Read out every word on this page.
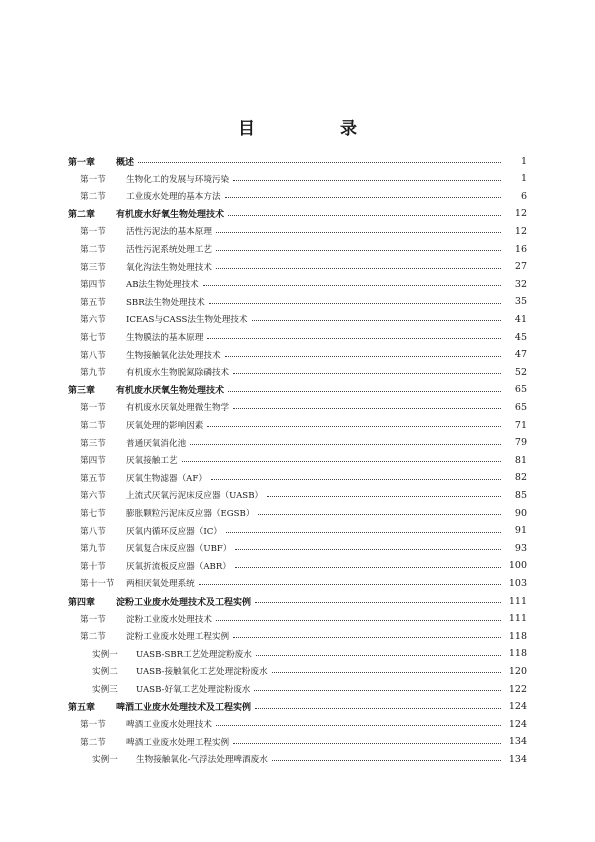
目　录
第一章	概述	1
第一节	生物化工的发展与环境污染	1
第二节	工业废水处理的基本方法	6
第二章	有机废水好氧生物处理技术	12
第一节	活性污泥法的基本原理	12
第二节	活性污泥系统处理工艺	16
第三节	氧化沟法生物处理技术	27
第四节	AB法生物处理技术	32
第五节	SBR法生物处理技术	35
第六节	ICEAS与CASS法生物处理技术	41
第七节	生物膜法的基本原理	45
第八节	生物接触氧化法处理技术	47
第九节	有机废水生物脱氮除磷技术	52
第三章	有机废水厌氧生物处理技术	65
第一节	有机废水厌氧处理微生物学	65
第二节	厌氧处理的影响因素	71
第三节	普通厌氧消化池	79
第四节	厌氧接触工艺	81
第五节	厌氧生物滤器（AF）	82
第六节	上流式厌氧污泥床反应器（UASB）	85
第七节	膨胀颗粒污泥床反应器（EGSB）	90
第八节	厌氧内循环反应器（IC）	91
第九节	厌氧复合床反应器（UBF）	93
第十节	厌氧折流板反应器（ABR）	100
第十一节	两相厌氧处理系统	103
第四章	淀粉工业废水处理技术及工程实例	111
第一节	淀粉工业废水处理技术	111
第二节	淀粉工业废水处理工程实例	118
实例一	UASB-SBR工艺处理淀粉废水	118
实例二	UASB-接触氧化工艺处理淀粉废水	120
实例三	UASB-好氧工艺处理淀粉废水	122
第五章	啤酒工业废水处理技术及工程实例	124
第一节	啤酒工业废水处理技术	124
第二节	啤酒工业废水处理工程实例	134
实例一	生物接触氧化-气浮法处理啤酒废水	134
